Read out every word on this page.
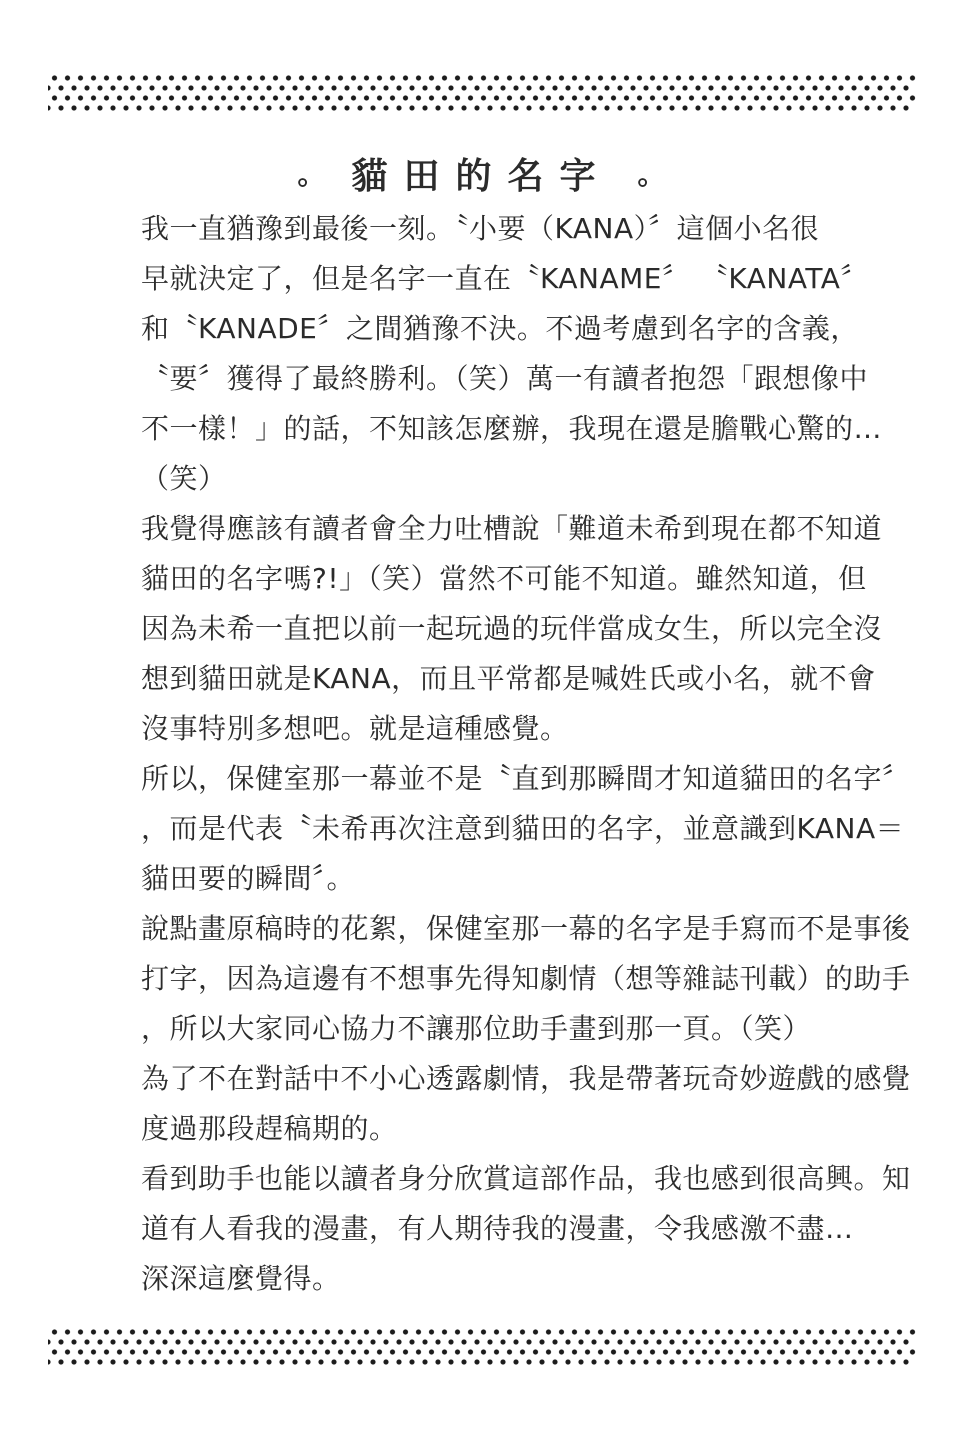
。 貓田的名字 。
我一直猶豫到最後一刻。〝小要（KANA）〞這個小名很
早就決定了，但是名字一直在〝KANAME〞 〝KANATA〞
和〝KANADE〞之間猶豫不決。不過考慮到名字的含義，
〝要〞獲得了最終勝利。（笑）萬一有讀者抱怨「跟想像中
不一樣！」的話，不知該怎麼辦，我現在還是膽戰心驚的…
（笑）
我覺得應該有讀者會全力吐槽說「難道未希到現在都不知道
貓田的名字嗎?!」（笑）當然不可能不知道。雖然知道，但
因為未希一直把以前一起玩過的玩伴當成女生，所以完全沒
想到貓田就是KANA，而且平常都是喊姓氏或小名，就不會
沒事特別多想吧。就是這種感覺。
所以，保健室那一幕並不是〝直到那瞬間才知道貓田的名字〞
，而是代表〝未希再次注意到貓田的名字，並意識到KANA＝
貓田要的瞬間〞。
說點畫原稿時的花絮，保健室那一幕的名字是手寫而不是事後
打字，因為這邊有不想事先得知劇情（想等雜誌刊載）的助手
，所以大家同心協力不讓那位助手畫到那一頁。（笑）
為了不在對話中不小心透露劇情，我是帶著玩奇妙遊戲的感覺
度過那段趕稿期的。
看到助手也能以讀者身分欣賞這部作品，我也感到很高興。知
道有人看我的漫畫，有人期待我的漫畫，令我感激不盡…
深深這麼覺得。
